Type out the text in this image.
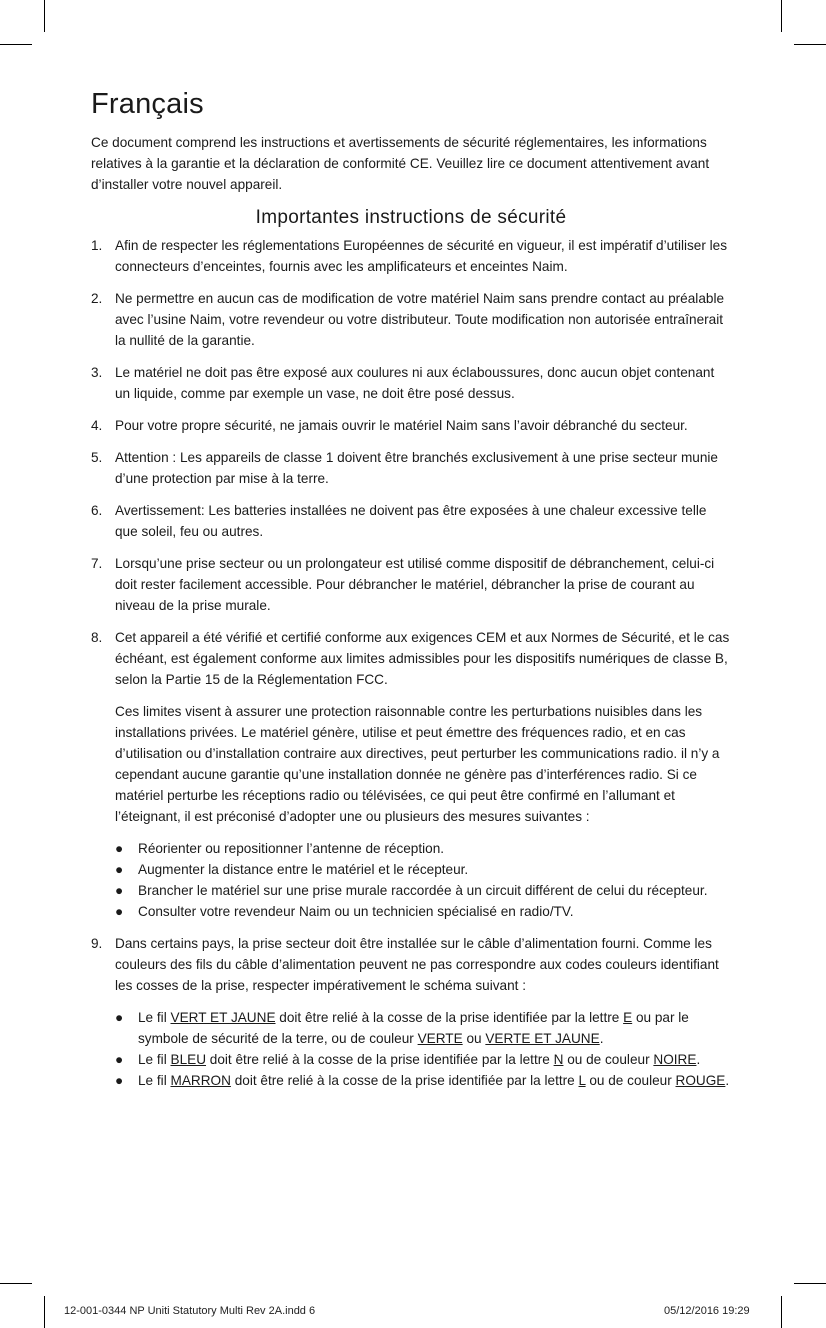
Français

Ce document comprend les instructions et avertissements de sécurité réglementaires, les informations relatives à la garantie et la déclaration de conformité CE. Veuillez lire ce document attentivement avant d’installer votre nouvel appareil.

Importantes instructions de sécurité
1. Afin de respecter les réglementations Européennes de sécurité en vigueur, il est impératif d’utiliser les connecteurs d’enceintes, fournis avec les amplificateurs et enceintes Naim.
2. Ne permettre en aucun cas de modification de votre matériel Naim sans prendre contact au préalable avec l’usine Naim, votre revendeur ou votre distributeur. Toute modification non autorisée entraînerait la nullité de la garantie.
3. Le matériel ne doit pas être exposé aux coulures ni aux éclaboussures, donc aucun objet contenant un liquide, comme par exemple un vase, ne doit être posé dessus.
4. Pour votre propre sécurité, ne jamais ouvrir le matériel Naim sans l’avoir débranché du secteur.
5. Attention : Les appareils de classe 1 doivent être branchés exclusivement à une prise secteur munie d’une protection par mise à la terre.
6. Avertissement: Les batteries installées ne doivent pas être exposées à une chaleur excessive telle que soleil, feu ou autres.
7. Lorsqu’une prise secteur ou un prolongateur est utilisé comme dispositif de débranchement, celui-ci doit rester facilement accessible. Pour débrancher le matériel, débrancher la prise de courant au niveau de la prise murale.
8. Cet appareil a été vérifié et certifié conforme aux exigences CEM et aux Normes de Sécurité, et le cas échéant, est également conforme aux limites admissibles pour les dispositifs numériques de classe B, selon la Partie 15 de la Réglementation FCC.
Ces limites visent à assurer une protection raisonnable contre les perturbations nuisibles dans les installations privées. Le matériel génère, utilise et peut émettre des fréquences radio, et en cas d’utilisation ou d’installation contraire aux directives, peut perturber les communications radio. il n’y a cependant aucune garantie qu’une installation donnée ne génère pas d’interférences radio. Si ce matériel perturbe les réceptions radio ou télévisées, ce qui peut être confirmé en l’allumant et l’éteignant, il est préconisé d’adopter une ou plusieurs des mesures suivantes :
● Réorienter ou repositionner l’antenne de réception.
● Augmenter la distance entre le matériel et le récepteur.
● Brancher le matériel sur une prise murale raccordée à un circuit différent de celui du récepteur.
● Consulter votre revendeur Naim ou un technicien spécialisé en radio/TV.
9. Dans certains pays, la prise secteur doit être installée sur le câble d’alimentation fourni. Comme les couleurs des fils du câble d’alimentation peuvent ne pas correspondre aux codes couleurs identifiant les cosses de la prise, respecter impérativement le schéma suivant :
● Le fil VERT ET JAUNE doit être relié à la cosse de la prise identifiée par la lettre E ou par le symbole de sécurité de la terre, ou de couleur VERTE ou VERTE ET JAUNE.
● Le fil BLEU doit être relié à la cosse de la prise identifiée par la lettre N ou de couleur NOIRE.
● Le fil MARRON doit être relié à la cosse de la prise identifiée par la lettre L ou de couleur ROUGE.
12-001-0344 NP Uniti Statutory Multi Rev 2A.indd 6	05/12/2016 19:29
